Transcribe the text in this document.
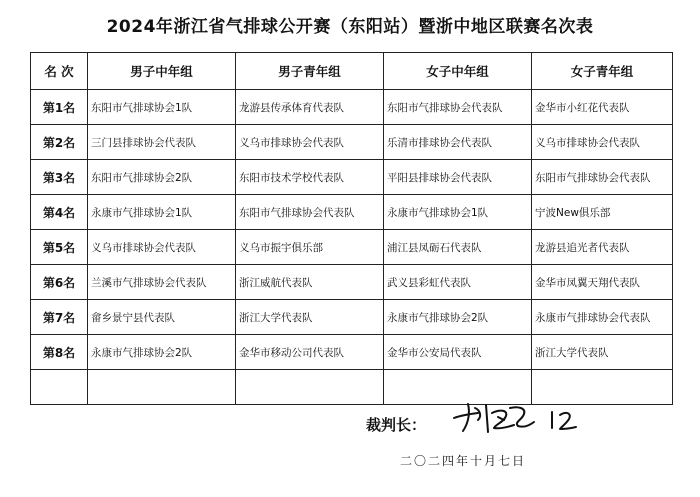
2024年浙江省气排球公开赛（东阳站）暨浙中地区联赛名次表
名 次	男子中年组	男子青年组	女子中年组	女子青年组
第1名	东阳市气排球协会1队	龙游县传承体育代表队	东阳市气排球协会代表队	金华市小红花代表队
第2名	三门县排球协会代表队	义乌市排球协会代表队	乐清市排球协会代表队	义乌市排球协会代表队
第3名	东阳市气排球协会2队	东阳市技术学校代表队	平阳县排球协会代表队	东阳市气排球协会代表队
第4名	永康市气排球协会1队	东阳市气排球协会代表队	永康市气排球协会1队	宁波New俱乐部
第5名	义乌市排球协会代表队	义乌市振宇俱乐部	浦江县凤砺石代表队	龙游县追光者代表队
第6名	兰溪市气排球协会代表队	浙江威航代表队	武义县彩虹代表队	金华市凤翼天翔代表队
第7名	畲乡景宁县代表队	浙江大学代表队	永康市气排球协会2队	永康市气排球协会代表队
第8名	永康市气排球协会2队	金华市移动公司代表队	金华市公安局代表队	浙江大学代表队

裁判长：
二〇二四年十月七日
